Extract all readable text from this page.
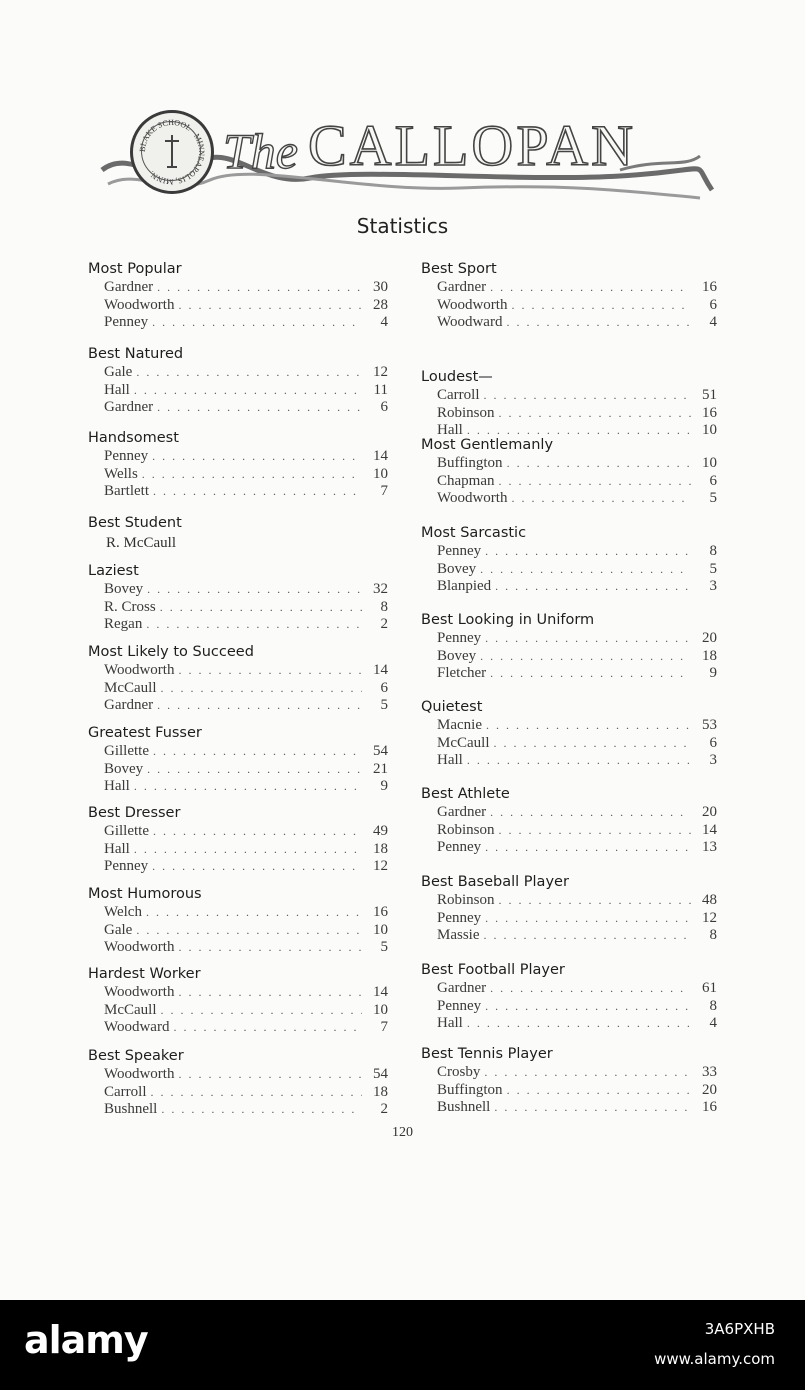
BLAKE SCHOOL · MINNEAPOLIS, MINN.	The CALLOPAN
Statistics
Most Popular
Gardner . . .	30
Woodworth . . .	28
Penney . . .	4
Best Natured
Gale . . .	12
Hall . . .	11
Gardner . . .	6
Handsomest
Penney . . .	14
Wells . . .	10
Bartlett . . .	7
Best Student
R. McCaull
Laziest
Bovey . . .	32
R. Cross . . .	8
Regan . . .	2
Most Likely to Succeed
Woodworth . . .	14
McCaull . . .	6
Gardner . . .	5
Greatest Fusser
Gillette . . .	54
Bovey . . .	21
Hall . . .	9
Best Dresser
Gillette . . .	49
Hall . . .	18
Penney . . .	12
Most Humorous
Welch . . .	16
Gale . . .	10
Woodworth . . .	5
Hardest Worker
Woodworth . . .	14
McCaull . . .	10
Woodward . . .	7
Best Speaker
Woodworth . . .	54
Carroll . . .	18
Bushnell . . .	2
Best Sport
Gardner . . .	16
Woodworth . . .	6
Woodward . . .	4
Loudest—
Carroll . . .	51
Robinson . . .	16
Hall . . .	10
Most Gentlemanly
Buffington . . .	10
Chapman . . .	6
Woodworth . . .	5
Most Sarcastic
Penney . . .	8
Bovey . . .	5
Blanpied . . .	3
Best Looking in Uniform
Penney . . .	20
Bovey . . .	18
Fletcher . . .	9
Quietest
Macnie . . .	53
McCaull . . .	6
Hall . . .	3
Best Athlete
Gardner . . .	20
Robinson . . .	14
Penney . . .	13
Best Baseball Player
Robinson . . .	48
Penney . . .	12
Massie . . .	8
Best Football Player
Gardner . . .	61
Penney . . .	8
Hall . . .	4
Best Tennis Player
Crosby . . .	33
Buffington . . .	20
Bushnell . . .	16
120
alamy	3A6PXHB
www.alamy.com
